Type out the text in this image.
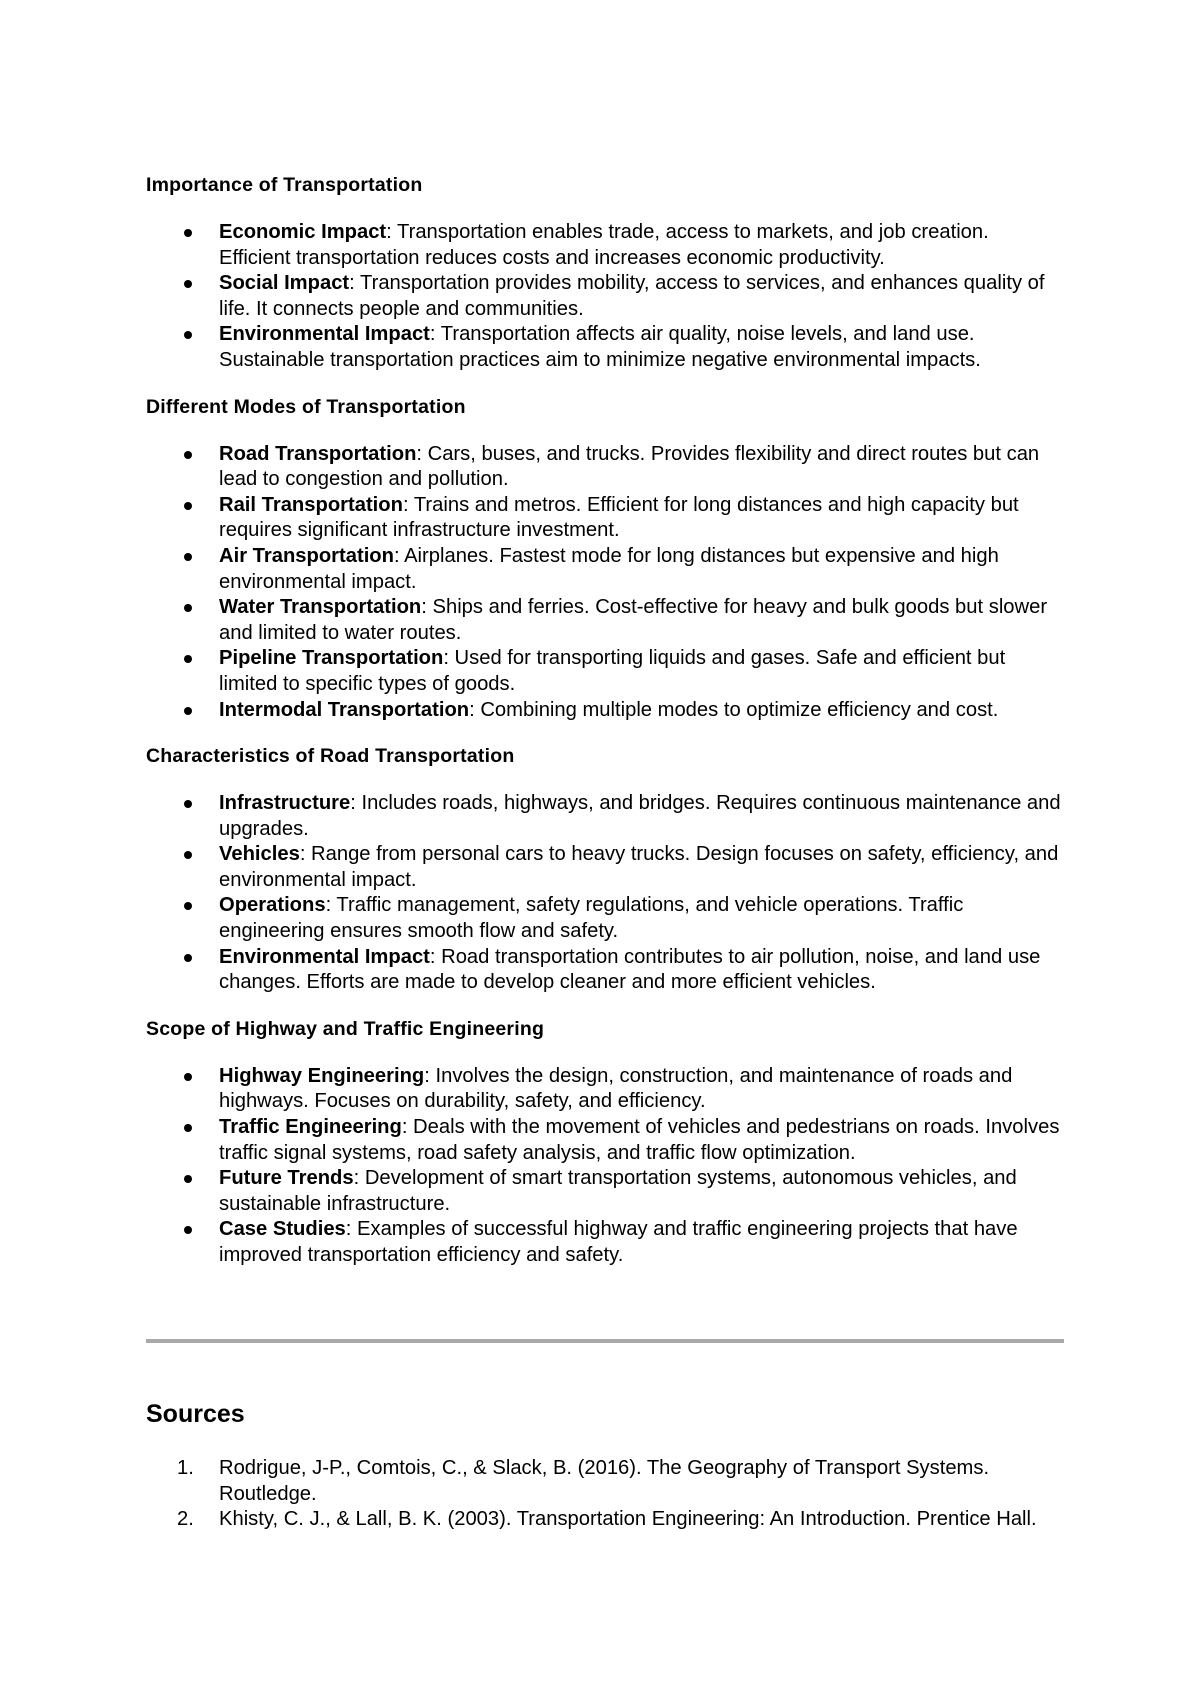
Importance of Transportation
Economic Impact: Transportation enables trade, access to markets, and job creation. Efficient transportation reduces costs and increases economic productivity.
Social Impact: Transportation provides mobility, access to services, and enhances quality of life. It connects people and communities.
Environmental Impact: Transportation affects air quality, noise levels, and land use. Sustainable transportation practices aim to minimize negative environmental impacts.
Different Modes of Transportation
Road Transportation: Cars, buses, and trucks. Provides flexibility and direct routes but can lead to congestion and pollution.
Rail Transportation: Trains and metros. Efficient for long distances and high capacity but requires significant infrastructure investment.
Air Transportation: Airplanes. Fastest mode for long distances but expensive and high environmental impact.
Water Transportation: Ships and ferries. Cost-effective for heavy and bulk goods but slower and limited to water routes.
Pipeline Transportation: Used for transporting liquids and gases. Safe and efficient but limited to specific types of goods.
Intermodal Transportation: Combining multiple modes to optimize efficiency and cost.
Characteristics of Road Transportation
Infrastructure: Includes roads, highways, and bridges. Requires continuous maintenance and upgrades.
Vehicles: Range from personal cars to heavy trucks. Design focuses on safety, efficiency, and environmental impact.
Operations: Traffic management, safety regulations, and vehicle operations. Traffic engineering ensures smooth flow and safety.
Environmental Impact: Road transportation contributes to air pollution, noise, and land use changes. Efforts are made to develop cleaner and more efficient vehicles.
Scope of Highway and Traffic Engineering
Highway Engineering: Involves the design, construction, and maintenance of roads and highways. Focuses on durability, safety, and efficiency.
Traffic Engineering: Deals with the movement of vehicles and pedestrians on roads. Involves traffic signal systems, road safety analysis, and traffic flow optimization.
Future Trends: Development of smart transportation systems, autonomous vehicles, and sustainable infrastructure.
Case Studies: Examples of successful highway and traffic engineering projects that have improved transportation efficiency and safety.
Sources
1. Rodrigue, J-P., Comtois, C., & Slack, B. (2016). The Geography of Transport Systems. Routledge.
2. Khisty, C. J., & Lall, B. K. (2003). Transportation Engineering: An Introduction. Prentice Hall.
